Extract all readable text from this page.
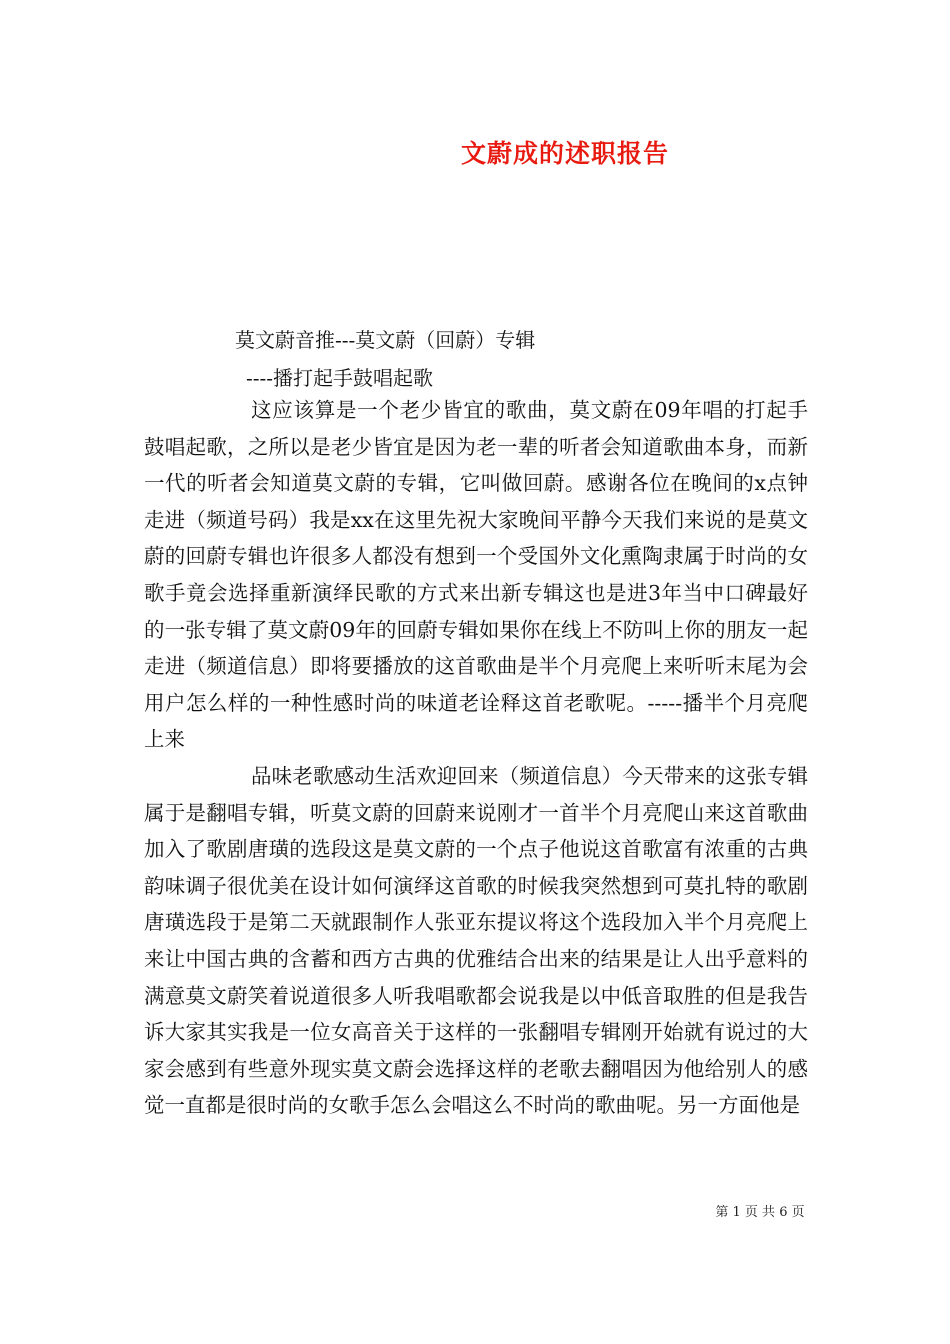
文蔚成的述职报告
莫文蔚音推---莫文蔚（回蔚）专辑
----播打起手鼓唱起歌

这应该算是一个老少皆宜的歌曲，莫文蔚在09年唱的打起手鼓唱起歌，之所以是老少皆宜是因为老一辈的听者会知道歌曲本身，而新一代的听者会知道莫文蔚的专辑，它叫做回蔚。感谢各位在晚间的x点钟走进（频道号码）我是xx在这里先祝大家晚间平静今天我们来说的是莫文蔚的回蔚专辑也许很多人都没有想到一个受国外文化熏陶隶属于时尚的女歌手竟会选择重新演绎民歌的方式来出新专辑这也是进3年当中口碑最好的一张专辑了莫文蔚09年的回蔚专辑如果你在线上不防叫上你的朋友一起走进（频道信息）即将要播放的这首歌曲是半个月亮爬上来听听末尾为会用户怎么样的一种性感时尚的味道老诠释这首老歌呢。-----播半个月亮爬上来

品味老歌感动生活欢迎回来（频道信息）今天带来的这张专辑属于是翻唱专辑，听莫文蔚的回蔚来说刚才一首半个月亮爬山来这首歌曲加入了歌剧唐璜的选段这是莫文蔚的一个点子他说这首歌富有浓重的古典韵味调子很优美在设计如何演绎这首歌的时候我突然想到可莫扎特的歌剧唐璜选段于是第二天就跟制作人张亚东提议将这个选段加入半个月亮爬上来让中国古典的含蓄和西方古典的优雅结合出来的结果是让人出乎意料的满意莫文蔚笑着说道很多人听我唱歌都会说我是以中低音取胜的但是我告诉大家其实我是一位女高音关于这样的一张翻唱专辑刚开始就有说过的大家会感到有些意外现实莫文蔚会选择这样的老歌去翻唱因为他给别人的感觉一直都是很时尚的女歌手怎么会唱这么不时尚的歌曲呢。另一方面他是

第 1 页 共 6 页
